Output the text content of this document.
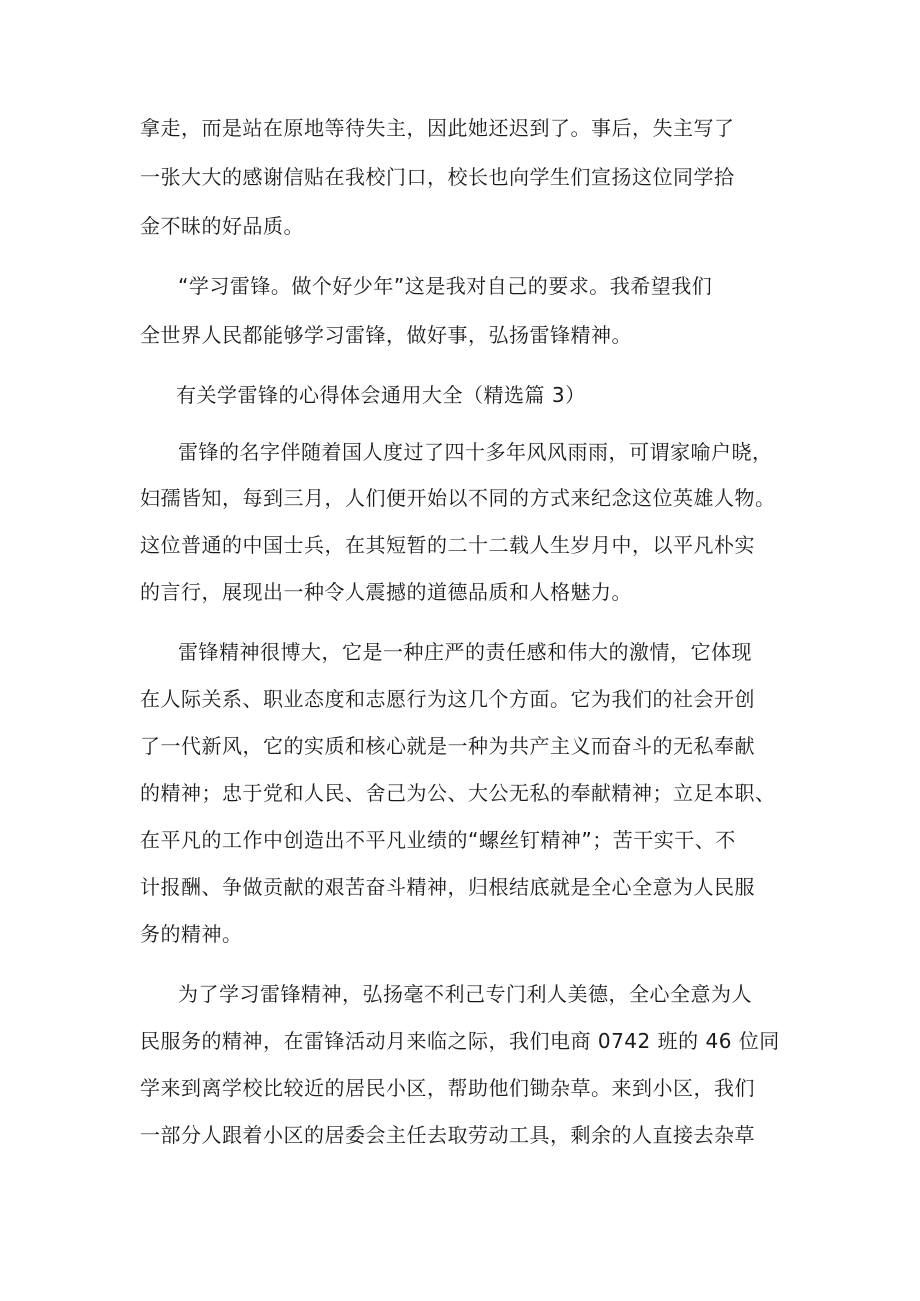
拿走，而是站在原地等待失主，因此她还迟到了。事后，失主写了
一张大大的感谢信贴在我校门口，校长也向学生们宣扬这位同学拾
金不昧的好品质。
“学习雷锋。做个好少年”这是我对自己的要求。我希望我们
全世界人民都能够学习雷锋，做好事，弘扬雷锋精神。
有关学雷锋的心得体会通用大全（精选篇 3）
雷锋的名字伴随着国人度过了四十多年风风雨雨，可谓家喻户晓，
妇孺皆知，每到三月，人们便开始以不同的方式来纪念这位英雄人物。
这位普通的中国士兵，在其短暂的二十二载人生岁月中，以平凡朴实
的言行，展现出一种令人震撼的道德品质和人格魅力。
雷锋精神很博大，它是一种庄严的责任感和伟大的激情，它体现
在人际关系、职业态度和志愿行为这几个方面。它为我们的社会开创
了一代新风，它的实质和核心就是一种为共产主义而奋斗的无私奉献
的精神；忠于党和人民、舍己为公、大公无私的奉献精神；立足本职、
在平凡的工作中创造出不平凡业绩的“螺丝钉精神”；苦干实干、不
计报酬、争做贡献的艰苦奋斗精神，归根结底就是全心全意为人民服
务的精神。
为了学习雷锋精神，弘扬毫不利己专门利人美德，全心全意为人
民服务的精神，在雷锋活动月来临之际，我们电商 0742 班的 46 位同
学来到离学校比较近的居民小区，帮助他们锄杂草。来到小区，我们
一部分人跟着小区的居委会主任去取劳动工具，剩余的人直接去杂草
